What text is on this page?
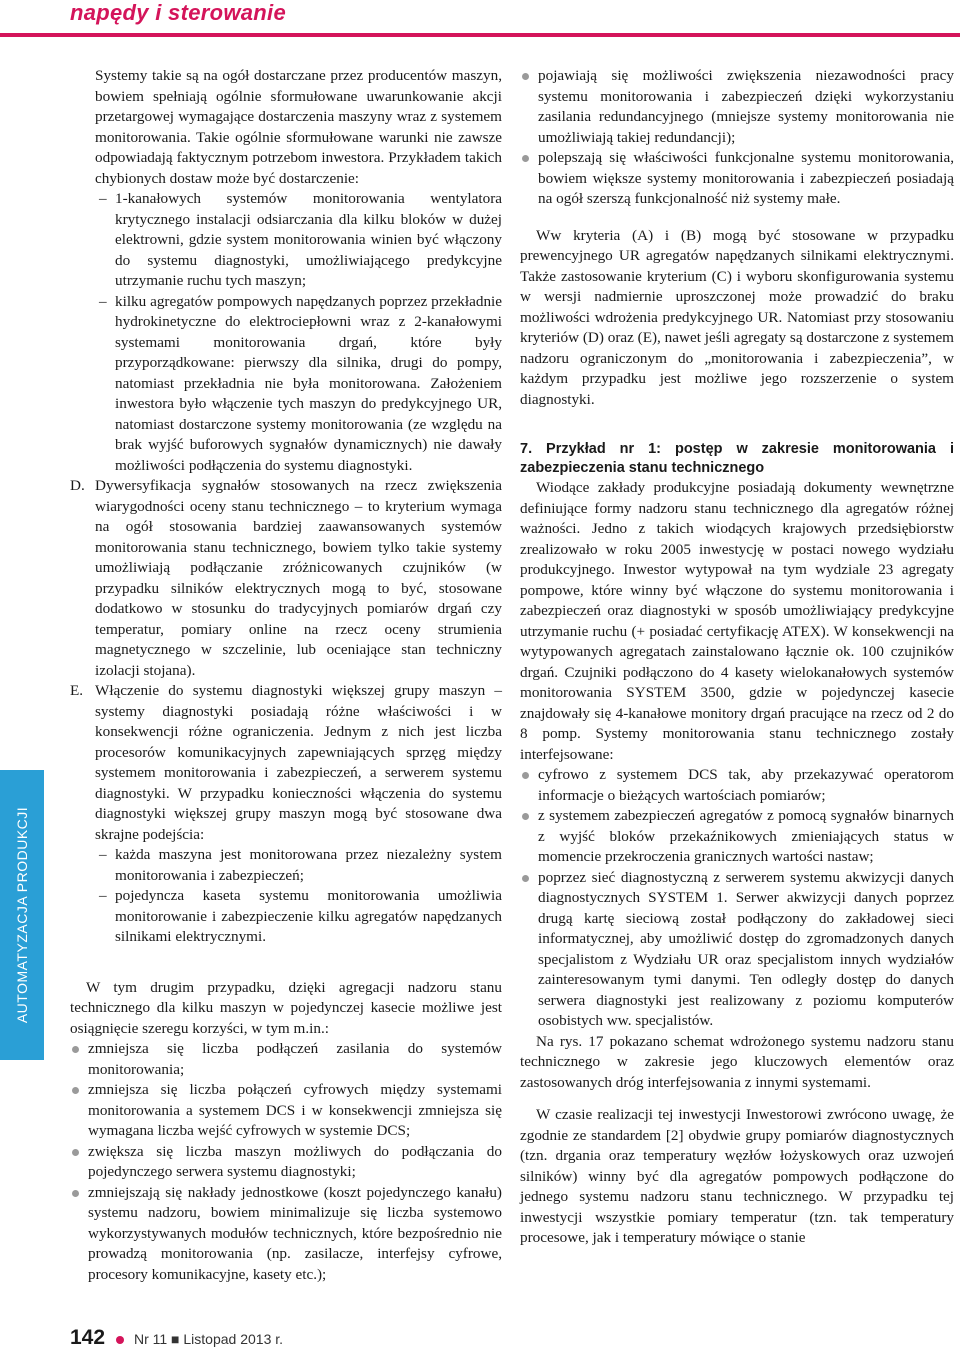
napędy i sterowanie
AUTOMATYZACJA PRODUKCJI

Systemy takie są na ogół dostarczane przez producentów maszyn, bowiem spełniają ogólnie sformułowane uwarunkowanie akcji przetargowej wymagające dostarczenia maszyny wraz z systemem monitorowania. Takie ogólnie sformułowane warunki nie zawsze odpowiadają faktycznym potrzebom inwestora. Przykładem takich chybionych dostaw może być dostarczenie:

– 1-kanałowych systemów monitorowania wentylatora krytycznego instalacji odsiarczania dla kilku bloków w dużej elektrowni, gdzie system monitorowania winien być włączony do systemu diagnostyki, umożliwiającego predykcyjne utrzymanie ruchu tych maszyn;
– kilku agregatów pompowych napędzanych poprzez przekładnie hydrokinetyczne do elektrociepłowni wraz z 2-kanałowymi systemami monitorowania drgań, które były przyporządkowane: pierwszy dla silnika, drugi do pompy, natomiast przekładnia nie była monitorowana. Założeniem inwestora było włączenie tych maszyn do predykcyjnego UR, natomiast dostarczone systemy monitorowania (ze względu na brak wyjść buforowych sygnałów dynamicznych) nie dawały możliwości podłączenia do systemu diagnostyki.
D. Dywersyfikacja sygnałów stosowanych na rzecz zwiększenia wiarygodności oceny stanu technicznego – to kryterium wymaga na ogół stosowania bardziej zaawansowanych systemów monitorowania stanu technicznego, bowiem tylko takie systemy umożliwiają podłączanie zróżnicowanych czujników (w przypadku silników elektrycznych mogą to być, stosowane dodatkowo w stosunku do tradycyjnych pomiarów drgań czy temperatur, pomiary online na rzecz oceny strumienia magnetycznego w szczelinie, lub oceniające stan techniczny izolacji stojana).
E. Włączenie do systemu diagnostyki większej grupy maszyn – systemy diagnostyki posiadają różne właściwości i w konsekwencji różne ograniczenia. Jednym z nich jest liczba procesorów komunikacyjnych zapewniających sprzęg między systemem monitorowania i zabezpieczeń, a serwerem systemu diagnostyki. W przypadku konieczności włączenia do systemu diagnostyki większej grupy maszyn mogą być stosowane dwa skrajne podejścia:
– każda maszyna jest monitorowana przez niezależny system monitorowania i zabezpieczeń;
– pojedyncza kaseta systemu monitorowania umożliwia monitorowanie i zabezpieczenie kilku agregatów napędzanych silnikami elektrycznymi.

W tym drugim przypadku, dzięki agregacji nadzoru stanu technicznego dla kilku maszyn w pojedynczej kasecie możliwe jest osiągnięcie szeregu korzyści, w tym m.in.:

zmniejsza się liczba podłączeń zasilania do systemów monitorowania;
zmniejsza się liczba połączeń cyfrowych między systemami monitorowania a systemem DCS i w konsekwencji zmniejsza się wymagana liczba wejść cyfrowych w systemie DCS;
zwiększa się liczba maszyn możliwych do podłączania do pojedynczego serwera systemu diagnostyki;
zmniejszają się nakłady jednostkowe (koszt pojedynczego kanału) systemu nadzoru, bowiem minimalizuje się liczba systemowo wykorzystywanych modułów technicznych, które bezpośrednio nie prowadzą monitorowania (np. zasilacze, interfejsy cyfrowe, procesory komunikacyjne, kasety etc.);
pojawiają się możliwości zwiększenia niezawodności pracy systemu monitorowania i zabezpieczeń dzięki wykorzystaniu zasilania redundancyjnego (mniejsze systemy monitorowania nie umożliwiają takiej redundancji);
polepszają się właściwości funkcjonalne systemu monitorowania, bowiem większe systemy monitorowania i zabezpieczeń posiadają na ogół szerszą funkcjonalność niż systemy małe.

Ww kryteria (A) i (B) mogą być stosowane w przypadku prewencyjnego UR agregatów napędzanych silnikami elektrycznymi. Także zastosowanie kryterium (C) i wyboru skonfigurowania systemu w wersji nadmiernie uproszczonej może prowadzić do braku możliwości wdrożenia predykcyjnego UR. Natomiast przy stosowaniu kryteriów (D) oraz (E), nawet jeśli agregaty są dostarczone z systemem nadzoru ograniczonym do „monitorowania i zabezpieczenia”, w każdym przypadku jest możliwe jego rozszerzenie o system diagnostyki.

7. Przykład nr 1: postęp w zakresie monitorowania i zabezpieczenia stanu technicznego

Wiodące zakłady produkcyjne posiadają dokumenty wewnętrzne definiujące formy nadzoru stanu technicznego dla agregatów różnej ważności. Jedno z takich wiodących krajowych przedsiębiorstw zrealizowało w roku 2005 inwestycję w postaci nowego wydziału produkcyjnego. Inwestor wytypował na tym wydziale 23 agregaty pompowe, które winny być włączone do systemu monitorowania i zabezpieczeń oraz diagnostyki w sposób umożliwiający predykcyjne utrzymanie ruchu (+ posiadać certyfikację ATEX). W konsekwencji na wytypowanych agregatach zainstalowano łącznie ok. 100 czujników drgań. Czujniki podłączono do 4 kasety wielokanałowych systemów monitorowania SYSTEM 3500, gdzie w pojedynczej kasecie znajdowały się 4-kanałowe monitory drgań pracujące na rzecz od 2 do 8 pomp. Systemy monitorowania stanu technicznego zostały interfejsowane:

cyfrowo z systemem DCS tak, aby przekazywać operatorom informacje o bieżących wartościach pomiarów;
z systemem zabezpieczeń agregatów z pomocą sygnałów binarnych z wyjść bloków przekaźnikowych zmieniających status w momencie przekroczenia granicznych wartości nastaw;
poprzez sieć diagnostyczną z serwerem systemu akwizycji danych diagnostycznych SYSTEM 1. Serwer akwizycji danych poprzez drugą kartę sieciową został podłączony do zakładowej sieci informatycznej, aby umożliwić dostęp do zgromadzonych danych specjalistom z Wydziału UR oraz specjalistom innych wydziałów zainteresowanym tymi danymi. Ten odległy dostęp do danych serwera diagnostyki jest realizowany z poziomu komputerów osobistych ww. specjalistów.

Na rys. 17 pokazano schemat wdrożonego systemu nadzoru stanu technicznego w zakresie jego kluczowych elementów oraz zastosowanych dróg interfejsowania z innymi systemami.

W czasie realizacji tej inwestycji Inwestorowi zwrócono uwagę, że zgodnie ze standardem [2] obydwie grupy pomiarów diagnostycznych (tzn. drgania oraz temperatury węzłów łożyskowych oraz uzwojeń silników) winny być dla agregatów pompowych podłączone do jednego systemu nadzoru stanu technicznego. W przypadku tej inwestycji wszystkie pomiary temperatur (tzn. tak temperatury procesowe, jak i temperatury mówiące o stanie

142 Nr 11 ■ Listopad 2013 r.
